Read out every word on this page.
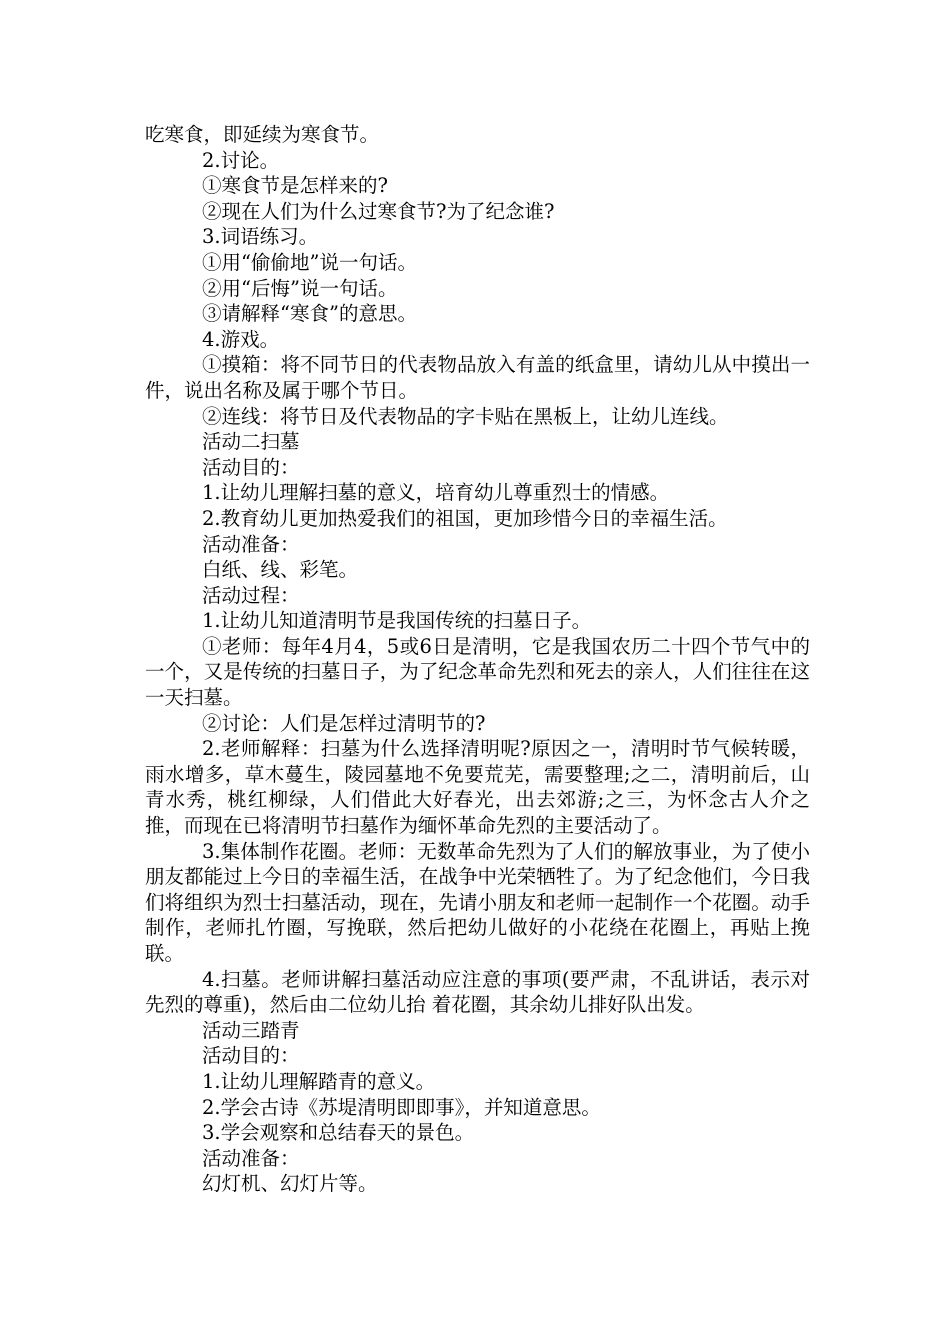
吃寒食，即延续为寒食节。

2.讨论。

①寒食节是怎样来的?

②现在人们为什么过寒食节?为了纪念谁?

3.词语练习。

①用“偷偷地”说一句话。

②用“后悔”说一句话。

③请解释“寒食”的意思。

4.游戏。

①摸箱：将不同节日的代表物品放入有盖的纸盒里，请幼儿从中摸出一件，说出名称及属于哪个节日。

②连线：将节日及代表物品的字卡贴在黑板上，让幼儿连线。

活动二扫墓

活动目的：

1.让幼儿理解扫墓的意义，培育幼儿尊重烈士的情感。

2.教育幼儿更加热爱我们的祖国，更加珍惜今日的幸福生活。

活动准备：

白纸、线、彩笔。

活动过程：

1.让幼儿知道清明节是我国传统的扫墓日子。

①老师：每年4月4，5或6日是清明，它是我国农历二十四个节气中的一个，又是传统的扫墓日子，为了纪念革命先烈和死去的亲人，人们往往在这一天扫墓。

②讨论：人们是怎样过清明节的?

2.老师解释：扫墓为什么选择清明呢?原因之一，清明时节气候转暖，雨水增多，草木蔓生，陵园墓地不免要荒芜，需要整理;之二，清明前后，山青水秀，桃红柳绿，人们借此大好春光，出去郊游;之三，为怀念古人介之推，而现在已将清明节扫墓作为缅怀革命先烈的主要活动了。

3.集体制作花圈。老师：无数革命先烈为了人们的解放事业，为了使小朋友都能过上今日的幸福生活，在战争中光荣牺牲了。为了纪念他们，今日我们将组织为烈士扫墓活动，现在，先请小朋友和老师一起制作一个花圈。动手制作，老师扎竹圈，写挽联，然后把幼儿做好的小花绕在花圈上，再贴上挽联。

4.扫墓。老师讲解扫墓活动应注意的事项(要严肃，不乱讲话，表示对先烈的尊重)，然后由二位幼儿抬 着花圈，其余幼儿排好队出发。

活动三踏青

活动目的：

1.让幼儿理解踏青的意义。

2.学会古诗《苏堤清明即即事》，并知道意思。

3.学会观察和总结春天的景色。

活动准备：

幻灯机、幻灯片等。
